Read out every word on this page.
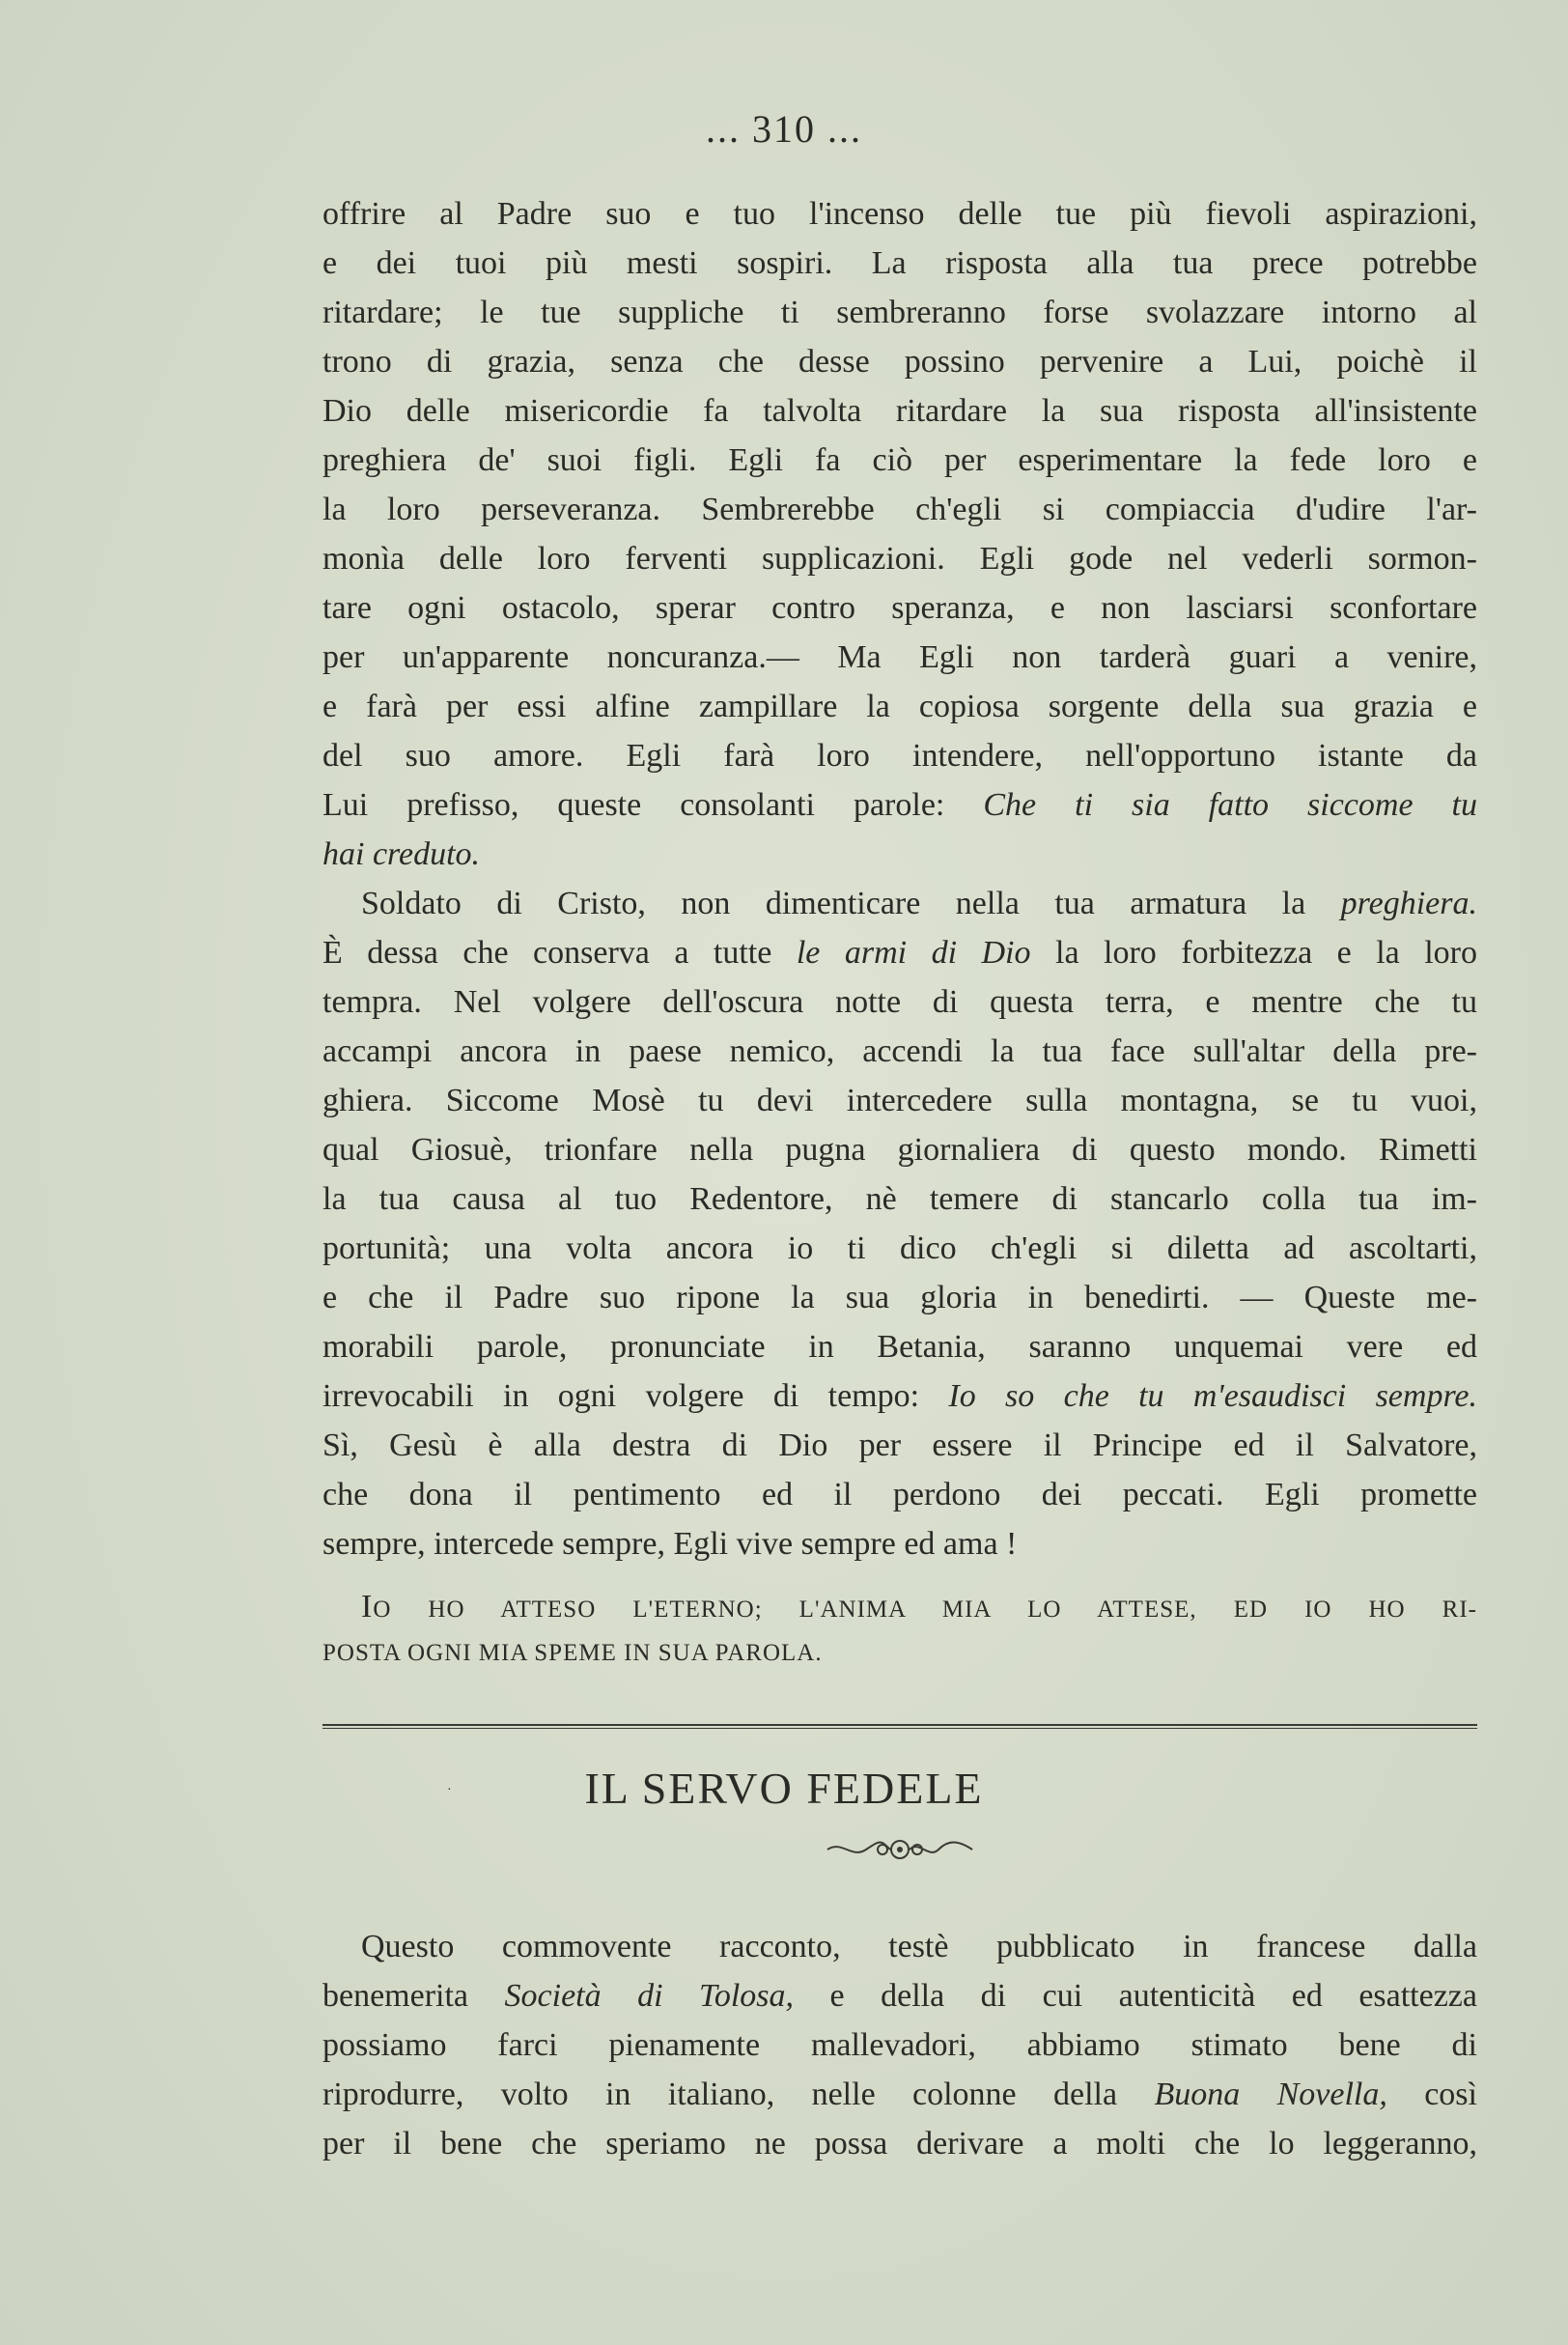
... 310 ...
offrire al Padre suo e tuo l'incenso delle tue più fievoli aspirazioni,
e dei tuoi più mesti sospiri. La risposta alla tua prece potrebbe
ritardare; le tue suppliche ti sembreranno forse svolazzare intorno al
trono di grazia, senza che desse possino pervenire a Lui, poichè il
Dio delle misericordie fa talvolta ritardare la sua risposta all'insistente
preghiera de' suoi figli. Egli fa ciò per esperimentare la fede loro e
la loro perseveranza. Sembrerebbe ch'egli si compiaccia d'udire l'ar-
monìa delle loro ferventi supplicazioni. Egli gode nel vederli sormon-
tare ogni ostacolo, sperar contro speranza, e non lasciarsi sconfortare
per un'apparente noncuranza.— Ma Egli non tarderà guari a venire,
e farà per essi alfine zampillare la copiosa sorgente della sua grazia e
del suo amore. Egli farà loro intendere, nell'opportuno istante da
Lui prefisso, queste consolanti parole: Che ti sia fatto siccome tu
hai creduto.
Soldato di Cristo, non dimenticare nella tua armatura la preghiera.
È dessa che conserva a tutte le armi di Dio la loro forbitezza e la loro
tempra. Nel volgere dell'oscura notte di questa terra, e mentre che tu
accampi ancora in paese nemico, accendi la tua face sull'altar della pre-
ghiera. Siccome Mosè tu devi intercedere sulla montagna, se tu vuoi,
qual Giosuè, trionfare nella pugna giornaliera di questo mondo. Rimetti
la tua causa al tuo Redentore, nè temere di stancarlo colla tua im-
portunità; una volta ancora io ti dico ch'egli si diletta ad ascoltarti,
e che il Padre suo ripone la sua gloria in benedirti. — Queste me-
morabili parole, pronunciate in Betania, saranno unquemai vere ed
irrevocabili in ogni volgere di tempo: Io so che tu m'esaudisci sempre.
Sì, Gesù è alla destra di Dio per essere il Principe ed il Salvatore,
che dona il pentimento ed il perdono dei peccati. Egli promette
sempre, intercede sempre, Egli vive sempre ed ama !
IO HO ATTESO L'ETERNO; L'ANIMA MIA LO ATTESE, ED IO HO RI-
POSTA OGNI MIA SPEME IN SUA PAROLA.
·	IL SERVO FEDELE
Questo commovente racconto, testè pubblicato in francese dalla
benemerita Società di Tolosa, e della di cui autenticità ed esattezza
possiamo farci pienamente mallevadori, abbiamo stimato bene di
riprodurre, volto in italiano, nelle colonne della Buona Novella, così
per il bene che speriamo ne possa derivare a molti che lo leggeranno,
